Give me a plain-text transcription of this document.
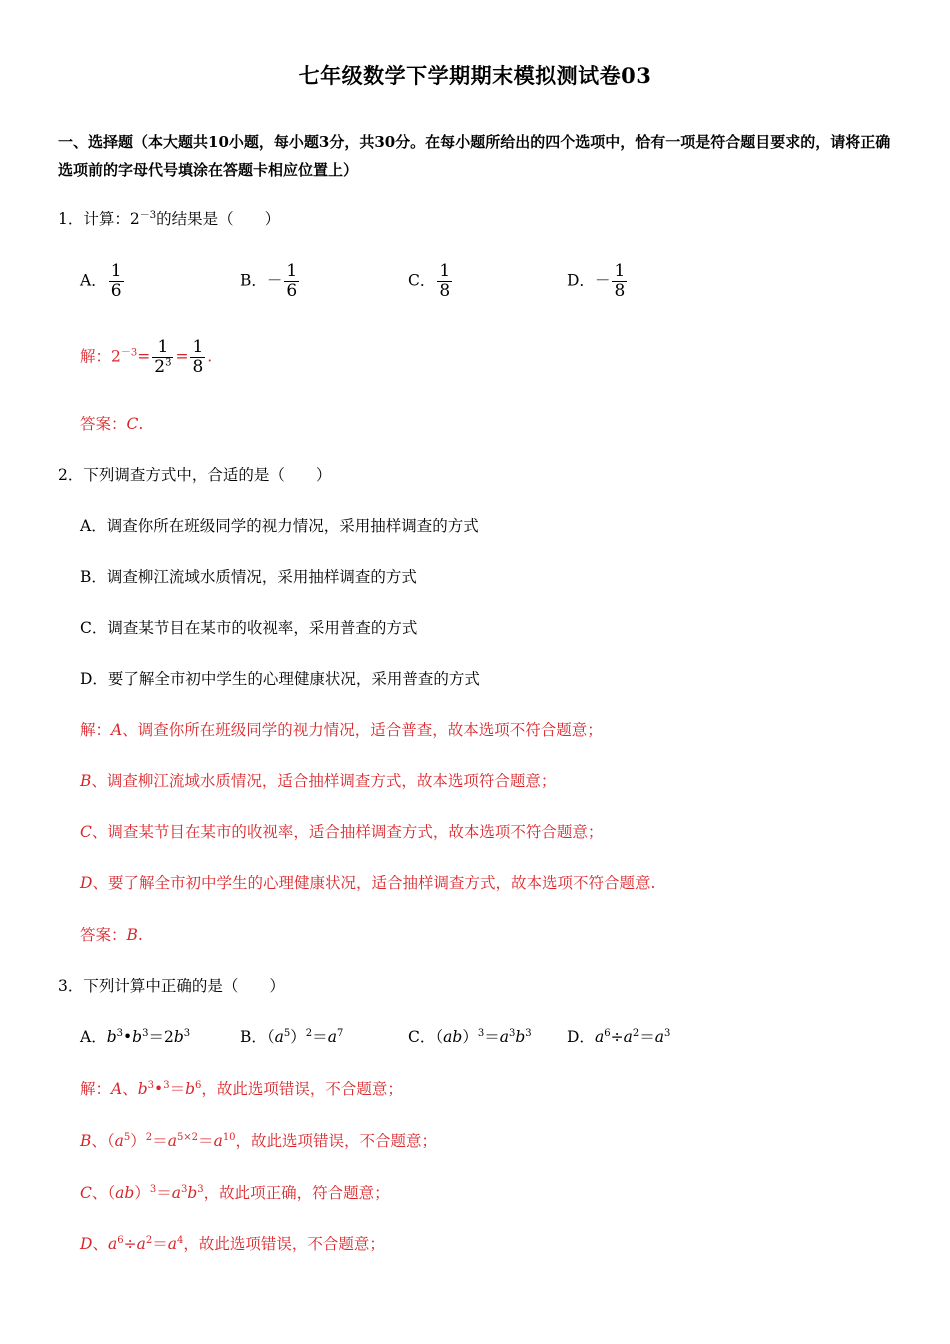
七年级数学下学期期末模拟测试卷03
一、选择题（本大题共10小题，每小题3分，共30分。在每小题所给出的四个选项中，恰有一项是符合题目要求的，请将正确选项前的字母代号填涂在答题卡相应位置上）
1．计算：$2^{-3}$的结果是（　　）
A． $\frac{1}{6}$	B．－ $\frac{1}{6}$	C． $\frac{1}{8}$	D．－ $\frac{1}{8}$
解：$2^{-3}= \frac{1}{2^3} = \frac{1}{8}$ .
答案：C.
2．下列调查方式中，合适的是（　　）
A．调查你所在班级同学的视力情况，采用抽样调查的方式
B．调查柳江流域水质情况，采用抽样调查的方式
C．调查某节目在某市的收视率，采用普查的方式
D．要了解全市初中学生的心理健康状况，采用普查的方式
解：A、调查你所在班级同学的视力情况，适合普查，故本选项不符合题意；
B、调查柳江流域水质情况，适合抽样调查方式，故本选项符合题意；
C、调查某节目在某市的收视率，适合抽样调查方式，故本选项不符合题意；
D、要了解全市初中学生的心理健康状况，适合抽样调查方式，故本选项不符合题意.
答案：B.
3．下列计算中正确的是（　　）
A．$b^3•b^3=2b^3$	B．$(a^5)^2=a^7$	C．$(ab)^3=a^3b^3$ D．$a^6\div a^2=a^3$
解：A、$b^3•^3=b^6$，故此选项错误，不合题意；
B、$(a^5)^2=a^{5\times 2}=a^{10}$，故此选项错误，不合题意；
C、$(ab)^3=a^3b^3$，故此项正确，符合题意；
D、$a^6\div a^2=a^4$，故此选项错误，不合题意；
